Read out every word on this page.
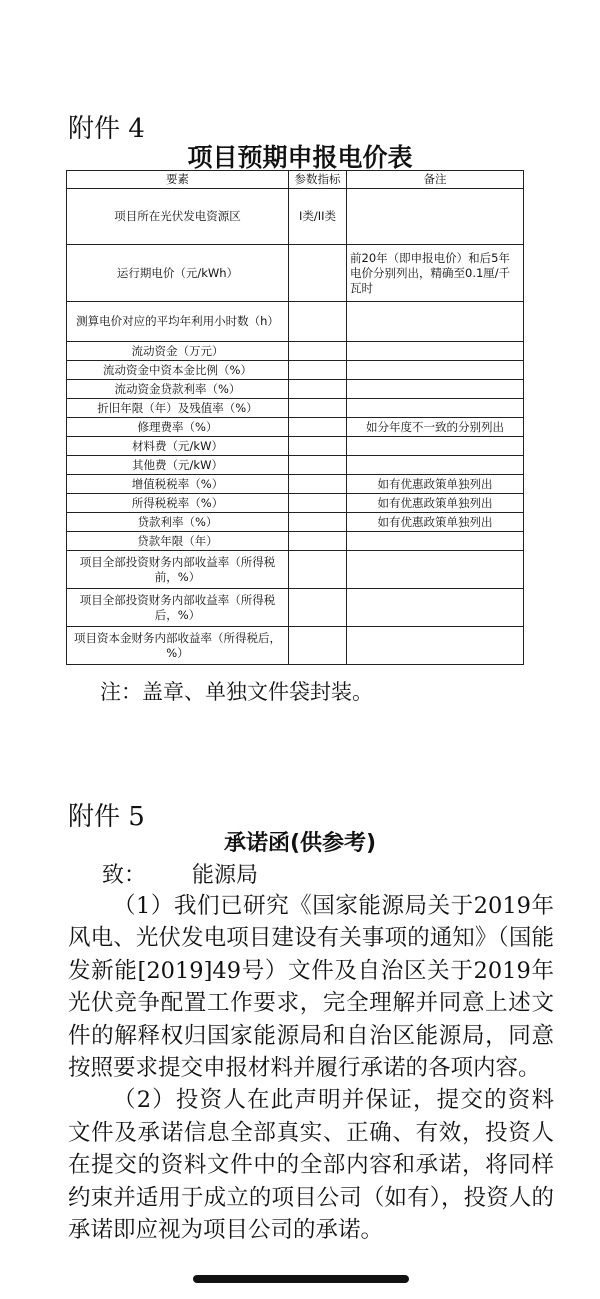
附件 4
项目预期申报电价表
要素	参数指标	备注
项目所在光伏发电资源区	I类/II类	
运行期电价（元/kWh）		前20年（即申报电价）和后5年电价分别列出，精确至0.1厘/千瓦时
测算电价对应的平均年利用小时数（h）		
流动资金（万元）		
流动资金中资本金比例（%）		
流动资金贷款利率（%）		
折旧年限（年）及残值率（%）		
修理费率（%）		如分年度不一致的分别列出
材料费（元/kW）		
其他费（元/kW）		
增值税税率（%）		如有优惠政策单独列出
所得税税率（%）		如有优惠政策单独列出
贷款利率（%）		如有优惠政策单独列出
贷款年限（年）		
项目全部投资财务内部收益率（所得税前，%）		
项目全部投资财务内部收益率（所得税后，%）		
项目资本金财务内部收益率（所得税后，%）		
注：盖章、单独文件袋封装。
附件 5
承诺函(供参考)
致： 能源局

（1）我们已研究《国家能源局关于2019年风电、光伏发电项目建设有关事项的通知》（国能发新能[2019]49号）文件及自治区关于2019年光伏竞争配置工作要求，完全理解并同意上述文件的解释权归国家能源局和自治区能源局，同意按照要求提交申报材料并履行承诺的各项内容。

（2）投资人在此声明并保证，提交的资料文件及承诺信息全部真实、正确、有效，投资人在提交的资料文件中的全部内容和承诺，将同样约束并适用于成立的项目公司（如有），投资人的承诺即应视为项目公司的承诺。
